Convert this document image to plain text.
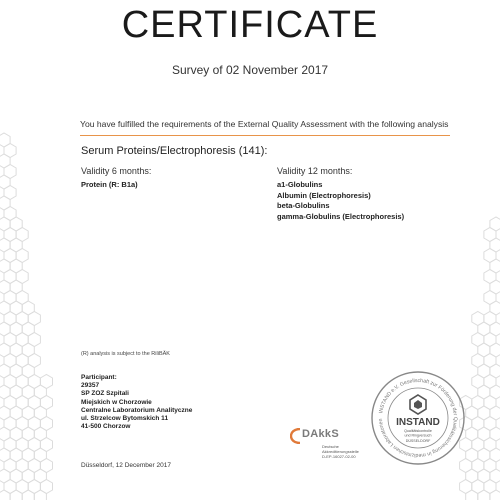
CERTIFICATE
Survey of 02 November 2017
You have fulfilled the requirements of the External Quality Assessment with the following analysis
Serum Proteins/Electrophoresis (141):
Validity 6 months:
Protein (R: B1a)
Validity 12 months:
a1-Globulins
Albumin (Electrophoresis)
beta-Globulins
gamma-Globulins (Electrophoresis)
(R) analysis is subject to the RiliBÄK
Participant:
29357
SP ZOZ Szpitali
Miejskich w Chorzowie
Centralne Laboratorium Analityczne
ul. Strzelcow Bytomskich 11
41-500 Chorzow
Düsseldorf, 12 December 2017
DAkkS
Deutsche
Akkreditierungsstelle
D-EP-16027-02-00
INSTAND e.V. Gesellschaft zur Förderung der Qualitätssicherung in medizinischen Laboratorien	INSTAND
Qualitätskontrolle
und Ringversuch
DÜSSELDORF
